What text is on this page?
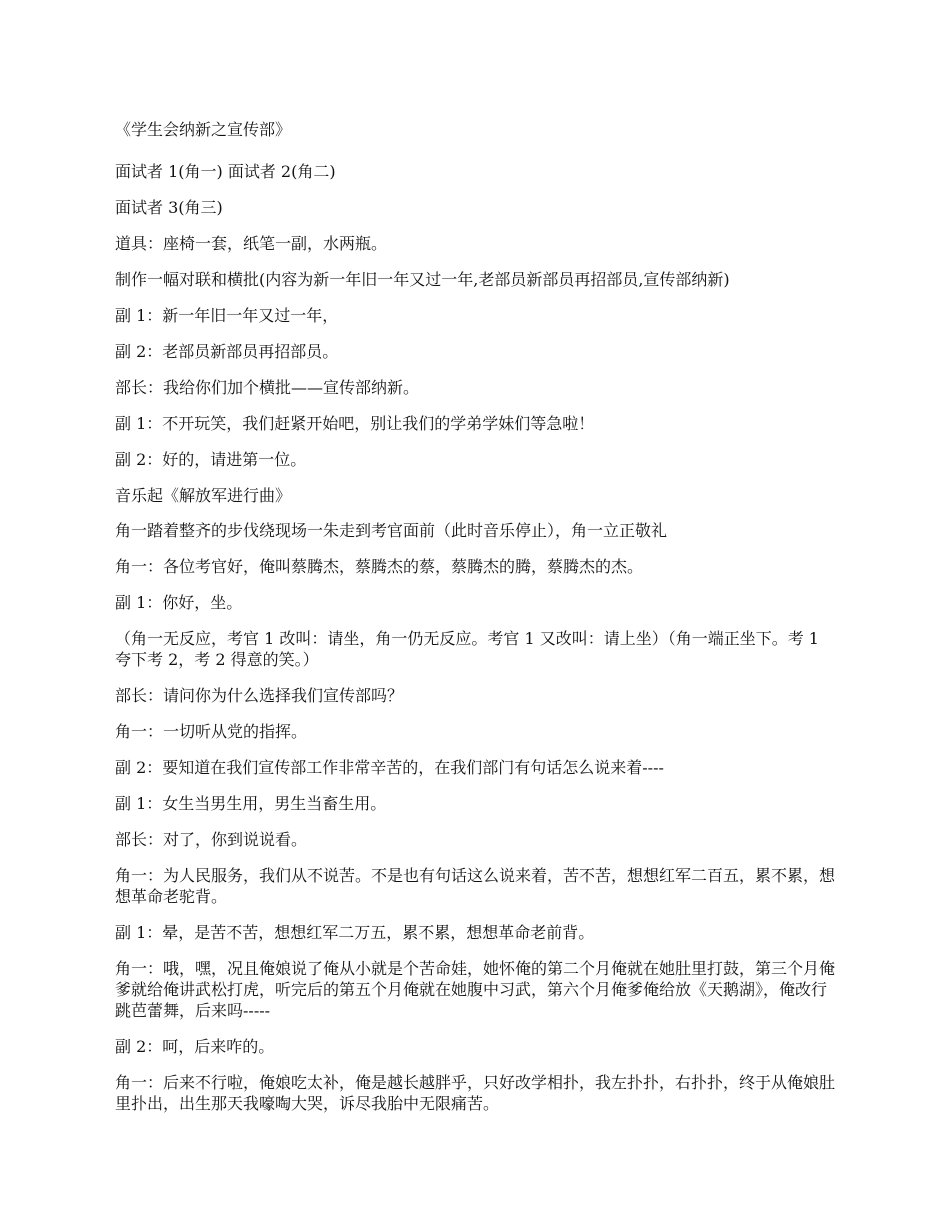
《学生会纳新之宣传部》

面试者 1(角一) 面试者 2(角二)

面试者 3(角三)

道具：座椅一套，纸笔一副，水两瓶。

制作一幅对联和横批(内容为新一年旧一年又过一年,老部员新部员再招部员,宣传部纳新)

副 1：新一年旧一年又过一年，

副 2：老部员新部员再招部员。

部长：我给你们加个横批——宣传部纳新。

副 1：不开玩笑，我们赶紧开始吧，别让我们的学弟学妹们等急啦！

副 2：好的，请进第一位。

音乐起《解放军进行曲》

角一踏着整齐的步伐绕现场一朱走到考官面前（此时音乐停止），角一立正敬礼

角一：各位考官好，俺叫蔡腾杰，蔡腾杰的蔡，蔡腾杰的腾，蔡腾杰的杰。

副 1：你好，坐。

（角一无反应，考官 1 改叫：请坐，角一仍无反应。考官 1 又改叫：请上坐）（角一端正坐下。考 1 夸下考 2，考 2 得意的笑。）

部长：请问你为什么选择我们宣传部吗？

角一：一切听从党的指挥。

副 2：要知道在我们宣传部工作非常辛苦的，在我们部门有句话怎么说来着----

副 1：女生当男生用，男生当畜生用。

部长：对了，你到说说看。

角一：为人民服务，我们从不说苦。不是也有句话这么说来着，苦不苦，想想红军二百五，累不累，想想革命老驼背。

副 1：晕，是苦不苦，想想红军二万五，累不累，想想革命老前背。

角一：哦，嘿，况且俺娘说了俺从小就是个苦命娃，她怀俺的第二个月俺就在她肚里打鼓，第三个月俺爹就给俺讲武松打虎，听完后的第五个月俺就在她腹中习武，第六个月俺爹俺给放《天鹅湖》，俺改行跳芭蕾舞，后来吗-----

副 2：呵，后来咋的。

角一：后来不行啦，俺娘吃太补，俺是越长越胖乎，只好改学相扑，我左扑扑，右扑扑，终于从俺娘肚里扑出，出生那天我嚎啕大哭，诉尽我胎中无限痛苦。
